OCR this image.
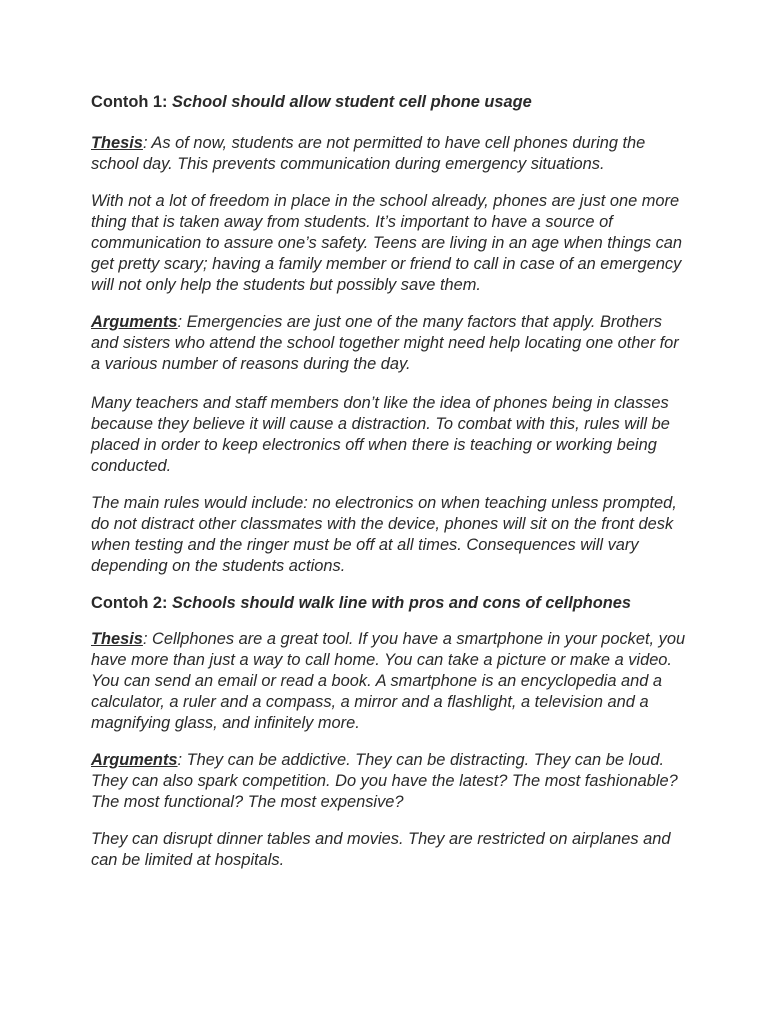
Contoh 1: School should allow student cell phone usage
Thesis: As of now, students are not permitted to have cell phones during the school day. This prevents communication during emergency situations.
With not a lot of freedom in place in the school already, phones are just one more thing that is taken away from students. It’s important to have a source of communication to assure one’s safety. Teens are living in an age when things can get pretty scary; having a family member or friend to call in case of an emergency will not only help the students but possibly save them.
Arguments: Emergencies are just one of the many factors that apply. Brothers and sisters who attend the school together might need help locating one other for a various number of reasons during the day.
Many teachers and staff members don’t like the idea of phones being in classes because they believe it will cause a distraction. To combat with this, rules will be placed in order to keep electronics off when there is teaching or working being conducted.
The main rules would include: no electronics on when teaching unless prompted, do not distract other classmates with the device, phones will sit on the front desk when testing and the ringer must be off at all times. Consequences will vary depending on the students actions.
Contoh 2: Schools should walk line with pros and cons of cellphones
Thesis: Cellphones are a great tool. If you have a smartphone in your pocket, you have more than just a way to call home. You can take a picture or make a video. You can send an email or read a book. A smartphone is an encyclopedia and a calculator, a ruler and a compass, a mirror and a flashlight, a television and a magnifying glass, and infinitely more.
Arguments: They can be addictive. They can be distracting. They can be loud. They can also spark competition. Do you have the latest? The most fashionable? The most functional? The most expensive?
They can disrupt dinner tables and movies. They are restricted on airplanes and can be limited at hospitals.
